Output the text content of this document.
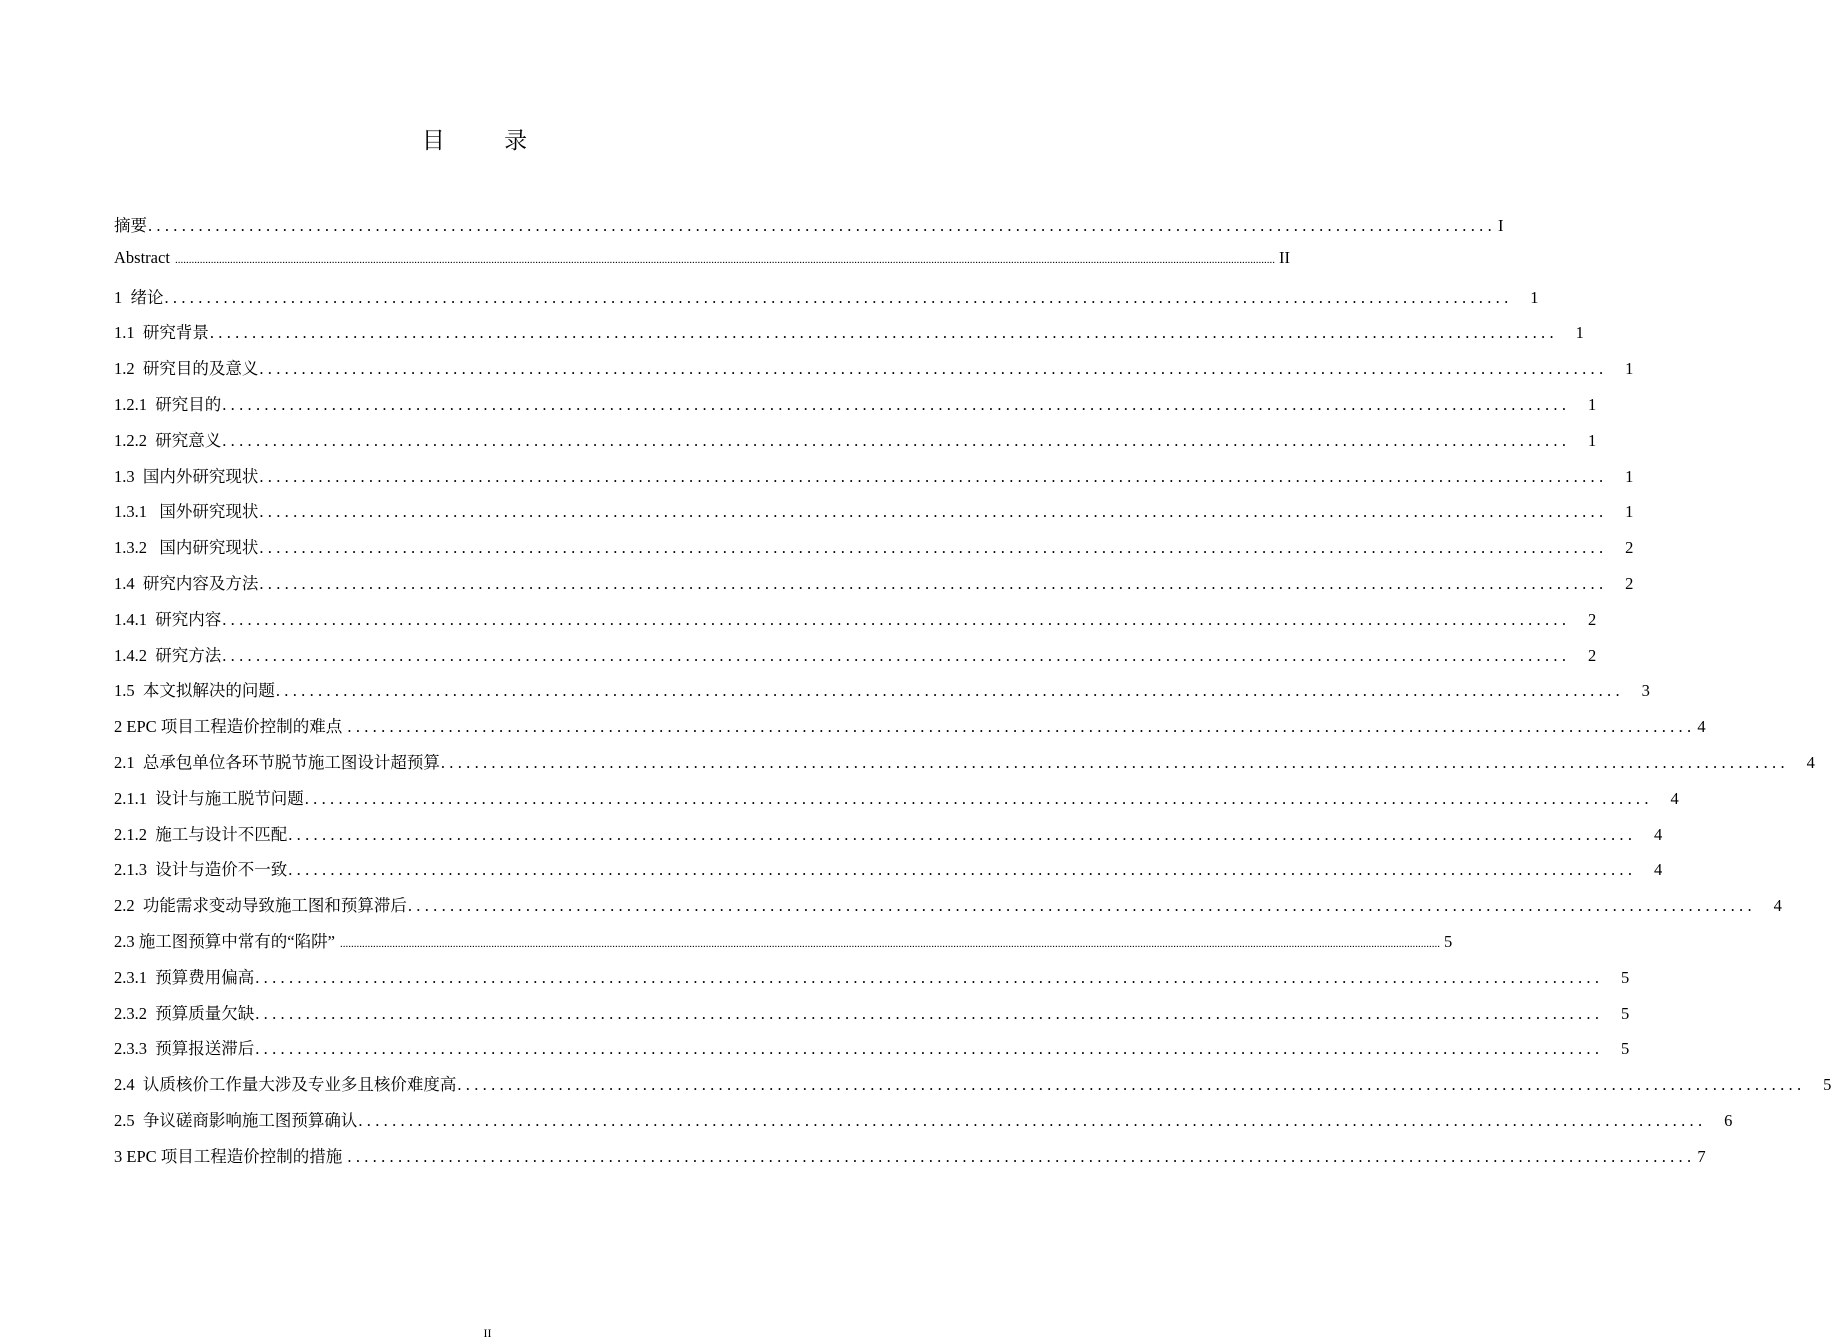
目 录
摘要 ................................................................................................................................................................ I
Abstract ................................................................................................................................................................................................................................................................................................................................................................................................................ II
1  绪论 ................................................................................................................................................................	1
1.1  研究背景 ................................................................................................................................................................	1
1.2  研究目的及意义 ................................................................................................................................................................	1
1.2.1  研究目的 ................................................................................................................................................................	1
1.2.2  研究意义 ................................................................................................................................................................	1
1.3  国内外研究现状 ................................................................................................................................................................	1
1.3.1   国外研究现状 ................................................................................................................................................................	1
1.3.2   国内研究现状 ................................................................................................................................................................	2
1.4  研究内容及方法 ................................................................................................................................................................	2
1.4.1  研究内容 ................................................................................................................................................................	2
1.4.2  研究方法 ................................................................................................................................................................	2
1.5  本文拟解决的问题 ................................................................................................................................................................	3
2 EPC 项目工程造价控制的难点 ................................................................................................................................................................ 4
2.1  总承包单位各环节脱节施工图设计超预算 ................................................................................................................................................................	4
2.1.1  设计与施工脱节问题 ................................................................................................................................................................	4
2.1.2  施工与设计不匹配 ................................................................................................................................................................	4
2.1.3  设计与造价不一致 ................................................................................................................................................................	4
2.2  功能需求变动导致施工图和预算滞后 ................................................................................................................................................................	4
2.3 施工图预算中常有的“陷阱” ................................................................................................................................................................................................................................................................................................................................................................................................................ 5
2.3.1  预算费用偏高 ................................................................................................................................................................	5
2.3.2  预算质量欠缺 ................................................................................................................................................................	5
2.3.3  预算报送滞后 ................................................................................................................................................................	5
2.4  认质核价工作量大涉及专业多且核价难度高 ................................................................................................................................................................	5
2.5  争议磋商影响施工图预算确认 ................................................................................................................................................................	6
3 EPC 项目工程造价控制的措施 ................................................................................................................................................................ 7
II
